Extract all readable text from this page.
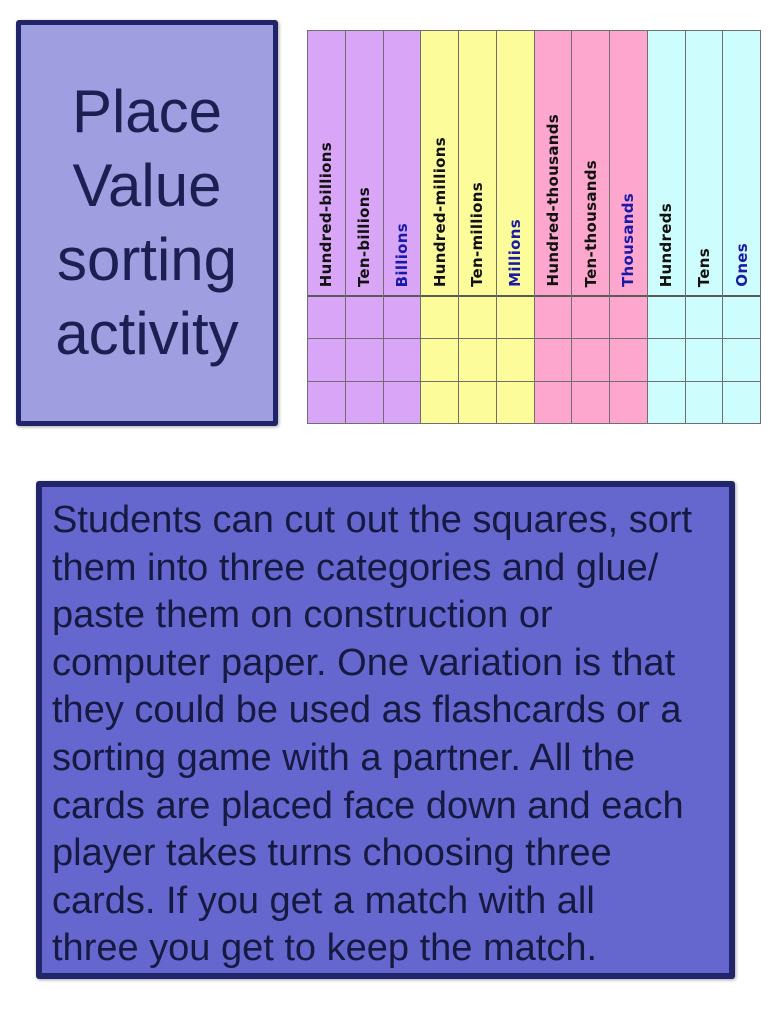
Place
Value
sorting
activity
Hundred-billions Ten-billions Billions Hundred-millions Ten-millions Millions Hundred-thousands Ten-thousands Thousands Hundreds Tens Ones

Students can cut out the squares, sort
them into three categories and glue/
paste them on construction or
computer paper. One variation is that
they could be used as flashcards or a
sorting game with a partner. All the
cards are placed face down and each
player takes turns choosing three
cards. If you get a match with all
three you get to keep the match.
